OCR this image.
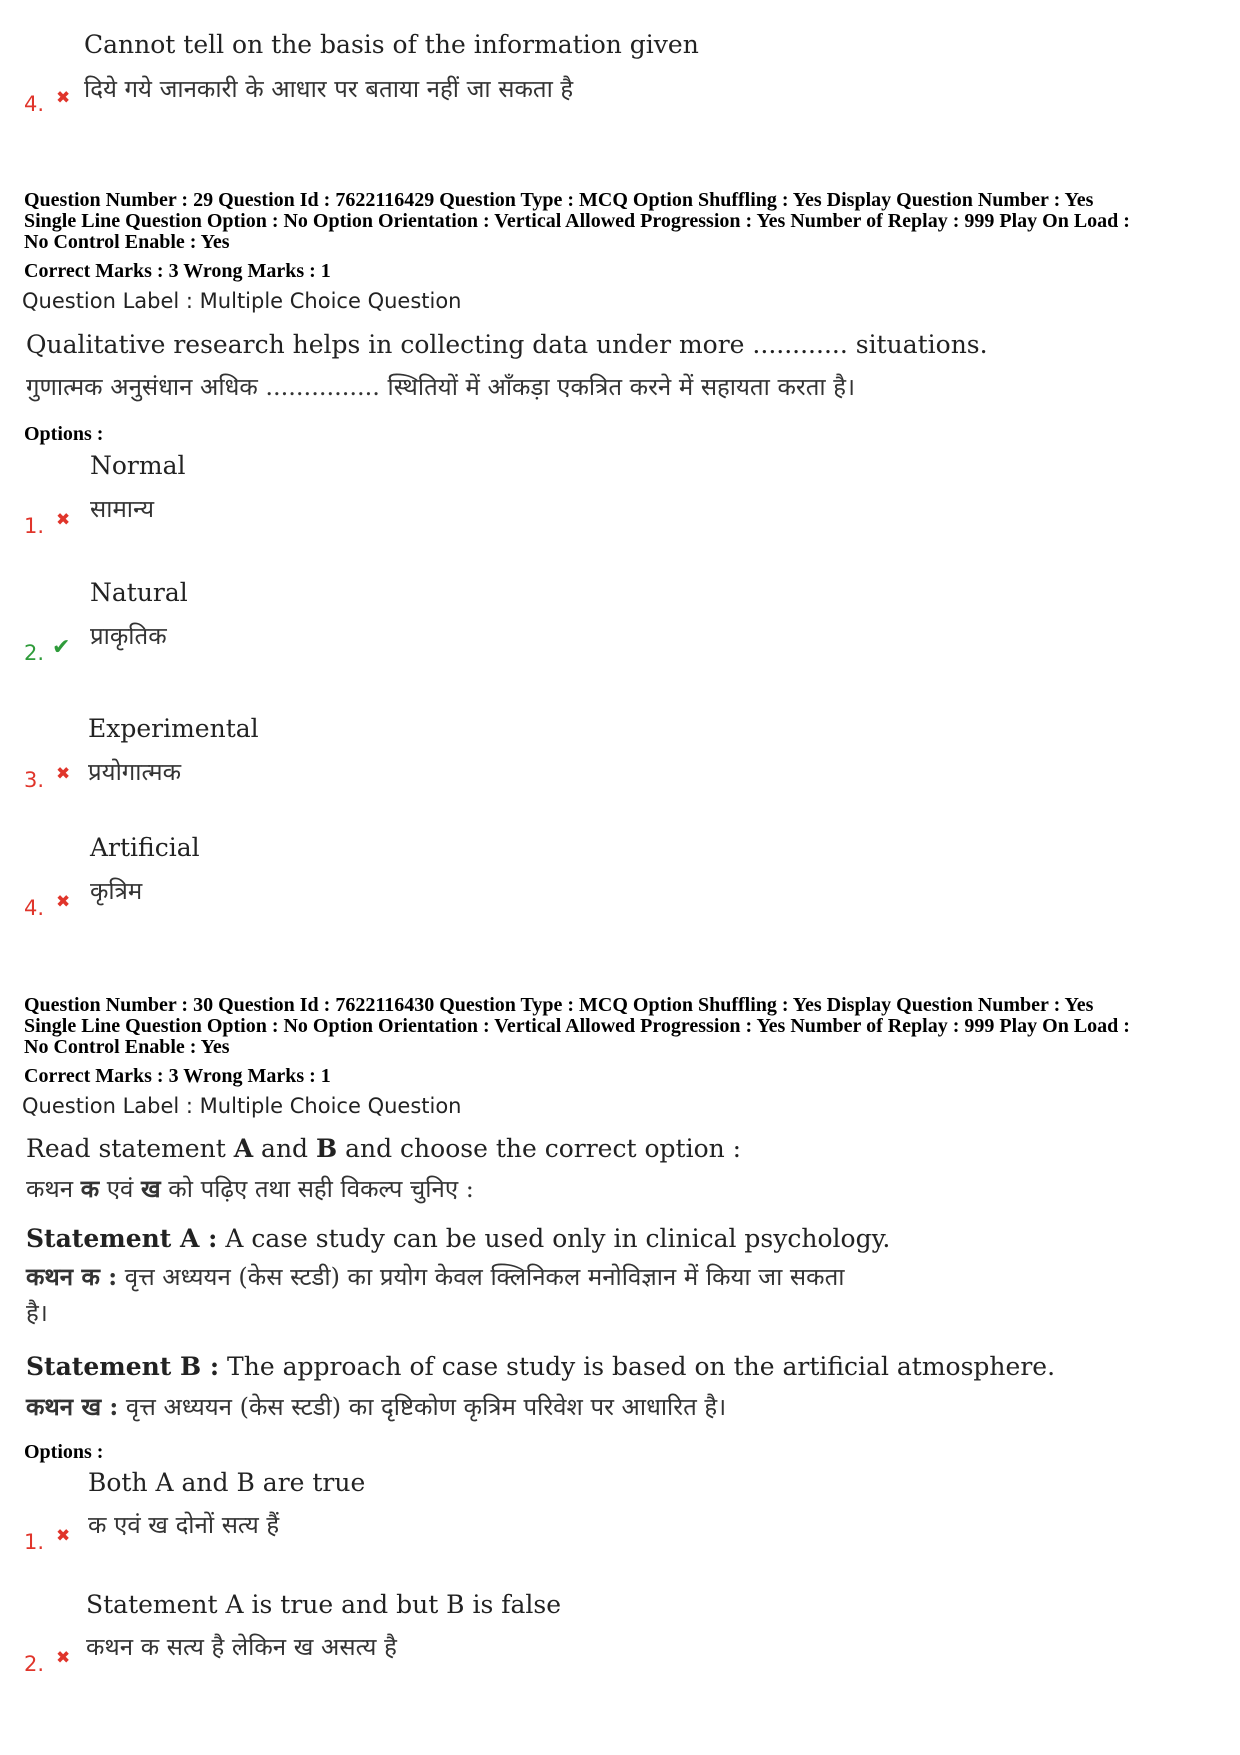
Cannot tell on the basis of the information given
4. ✖ दिये गये जानकारी के आधार पर बताया नहीं जा सकता है
Question Number : 29 Question Id : 7622116429 Question Type : MCQ Option Shuffling : Yes Display Question Number : Yes
Single Line Question Option : No Option Orientation : Vertical Allowed Progression : Yes Number of Replay : 999 Play On Load :
No Control Enable : Yes
Correct Marks : 3 Wrong Marks : 1
Question Label : Multiple Choice Question
Qualitative research helps in collecting data under more ............ situations.
गुणात्मक अनुसंधान अधिक ............... स्थितियों में आँकड़ा एकत्रित करने में सहायता करता है।
Options :
Normal
सामान्य
1. ✖
Natural
प्राकृतिक
2. ✔
Experimental
प्रयोगात्मक
3. ✖
Artificial
कृत्रिम
4. ✖
Question Number : 30 Question Id : 7622116430 Question Type : MCQ Option Shuffling : Yes Display Question Number : Yes
Single Line Question Option : No Option Orientation : Vertical Allowed Progression : Yes Number of Replay : 999 Play On Load :
No Control Enable : Yes
Correct Marks : 3 Wrong Marks : 1
Question Label : Multiple Choice Question
Read statement A and B and choose the correct option :
कथन क एवं ख को पढ़िए तथा सही विकल्प चुनिए :
Statement A : A case study can be used only in clinical psychology.
कथन क : वृत्त अध्ययन (केस स्टडी) का प्रयोग केवल क्लिनिकल मनोविज्ञान में किया जा सकता
है।
Statement B : The approach of case study is based on the artificial atmosphere.
कथन ख : वृत्त अध्ययन (केस स्टडी) का दृष्टिकोण कृत्रिम परिवेश पर आधारित है।
Options :
Both A and B are true
क एवं ख दोनों सत्य हैं
1. ✖
Statement A is true and but B is false
कथन क सत्य है लेकिन ख असत्य है
2. ✖
